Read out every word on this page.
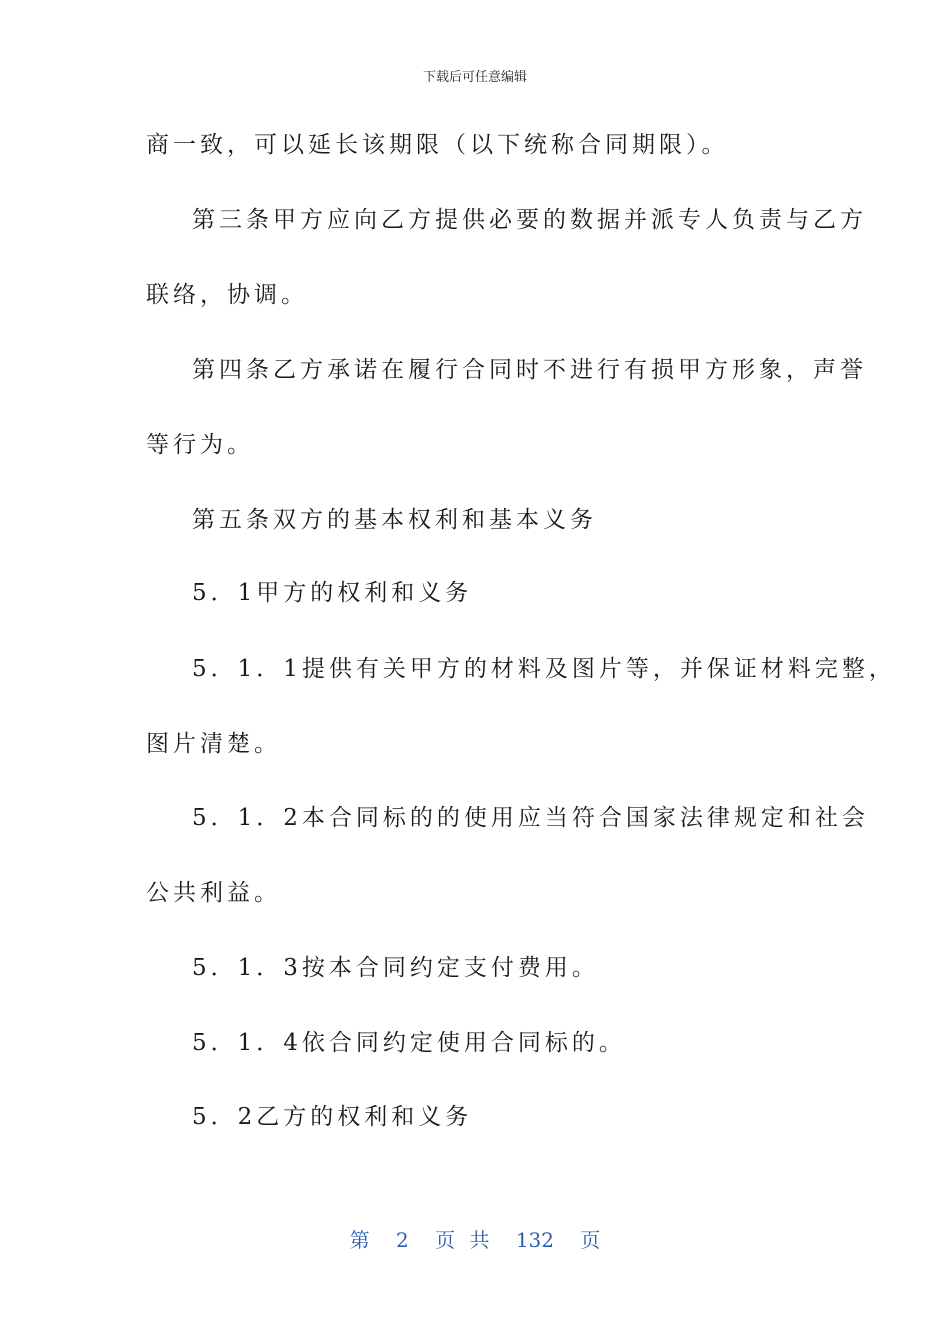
下载后可任意编辑
商一致，可以延长该期限（以下统称合同期限）。
第三条甲方应向乙方提供必要的数据并派专人负责与乙方
联络，协调。
第四条乙方承诺在履行合同时不进行有损甲方形象，声誉
等行为。
第五条双方的基本权利和基本义务
5．1甲方的权利和义务
5．1．1提供有关甲方的材料及图片等，并保证材料完整，
图片清楚。
5．1．2本合同标的的使用应当符合国家法律规定和社会
公共利益。
5．1．3按本合同约定支付费用。
5．1．4依合同约定使用合同标的。
5．2乙方的权利和义务
第 2 页 共 132 页
